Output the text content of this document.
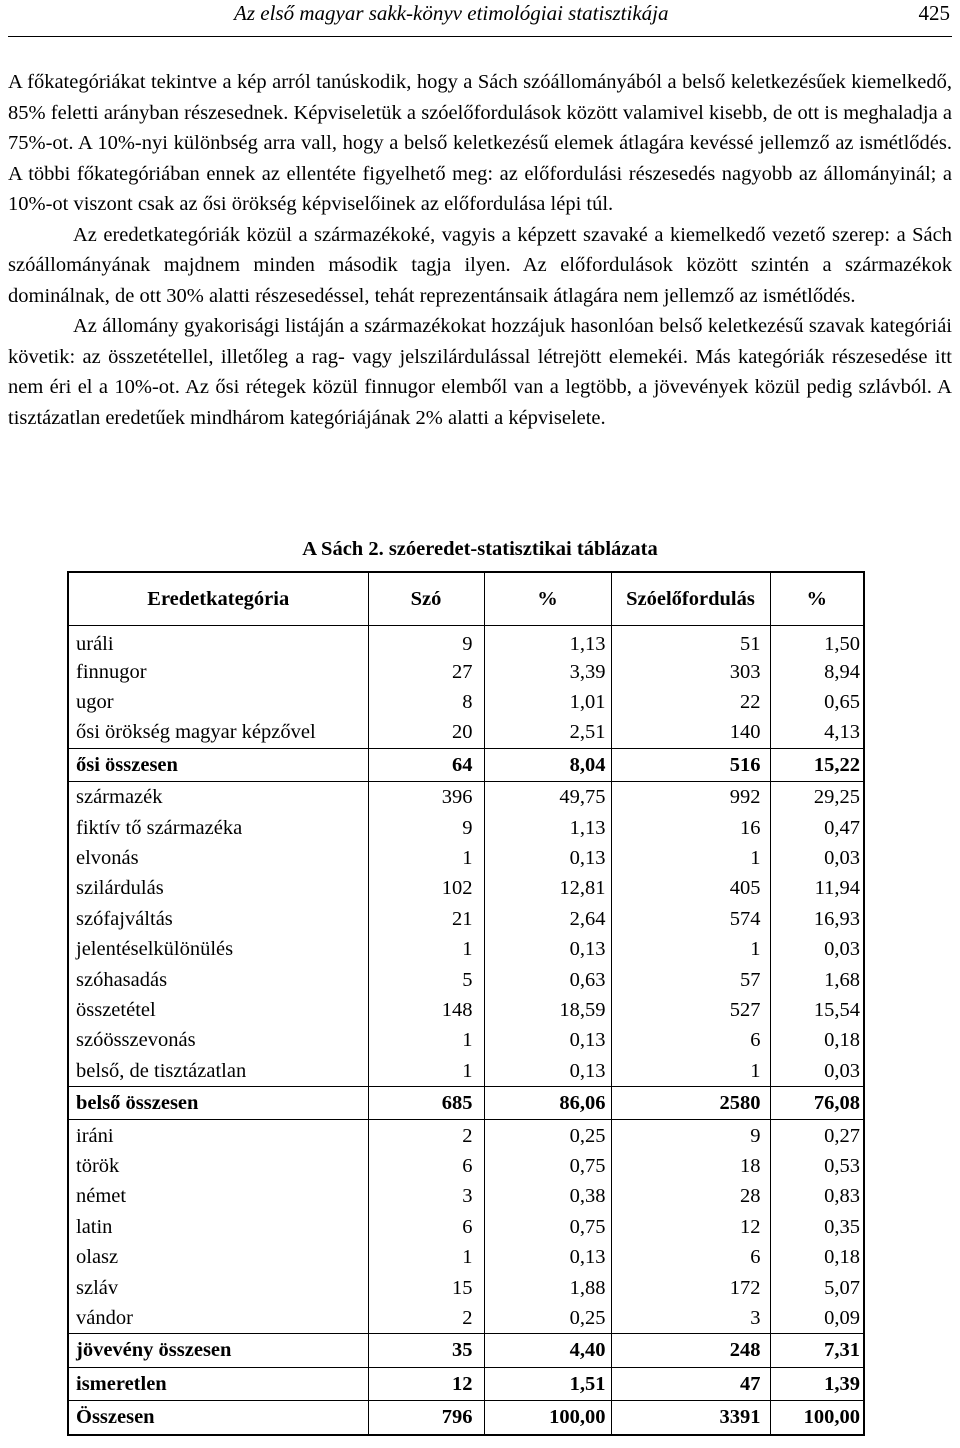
Az első magyar sakk-könyv etimológiai statisztikája	425

A főkategóriákat tekintve a kép arról tanúskodik, hogy a Sách szóállományából a belső keletkezésűek kiemelkedő, 85% feletti arányban részesednek. Képviseletük a szóelőfordulások között valamivel kisebb, de ott is meghaladja a 75%-ot. A 10%-nyi különbség arra vall, hogy a belső keletkezésű elemek átlagára kevéssé jellemző az ismétlődés. A többi főkategóriában ennek az ellentéte figyelhető meg: az előfordulási részesedés nagyobb az állományinál; a 10%-ot viszont csak az ősi örökség képviselőinek az előfordulása lépi túl.

Az eredetkategóriák közül a származékoké, vagyis a képzett szavaké a kiemelkedő vezető szerep: a Sách szóállományának majdnem minden második tagja ilyen. Az előfordulások között szintén a származékok dominálnak, de ott 30% alatti részesedéssel, tehát reprezentánsaik átlagára nem jellemző az ismétlődés.

Az állomány gyakorisági listáján a származékokat hozzájuk hasonlóan belső keletkezésű szavak kategóriái követik: az összetétellel, illetőleg a rag- vagy jelszilárdulással létrejött elemekéi. Más kategóriák részesedése itt nem éri el a 10%-ot. Az ősi rétegek közül finnugor elemből van a legtöbb, a jövevények közül pedig szlávból. A tisztázatlan eredetűek mindhárom kategóriájának 2% alatti a képviselete.

A Sách 2. szóeredet-statisztikai táblázata
Eredetkategória	Szó	%	Szóelőfordulás	%
uráli	9	1,13	51	1,50
finnugor	27	3,39	303	8,94
ugor	8	1,01	22	0,65
ősi örökség magyar képzővel	20	2,51	140	4,13
ősi összesen	64	8,04	516	15,22
származék	396	49,75	992	29,25
fiktív tő származéka	9	1,13	16	0,47
elvonás	1	0,13	1	0,03
szilárdulás	102	12,81	405	11,94
szófajváltás	21	2,64	574	16,93
jelentéselkülönülés	1	0,13	1	0,03
szóhasadás	5	0,63	57	1,68
összetétel	148	18,59	527	15,54
szóösszevonás	1	0,13	6	0,18
belső, de tisztázatlan	1	0,13	1	0,03
belső összesen	685	86,06	2580	76,08
iráni	2	0,25	9	0,27
török	6	0,75	18	0,53
német	3	0,38	28	0,83
latin	6	0,75	12	0,35
olasz	1	0,13	6	0,18
szláv	15	1,88	172	5,07
vándor	2	0,25	3	0,09
jövevény összesen	35	4,40	248	7,31
ismeretlen	12	1,51	47	1,39
Összesen	796	100,00	3391	100,00
